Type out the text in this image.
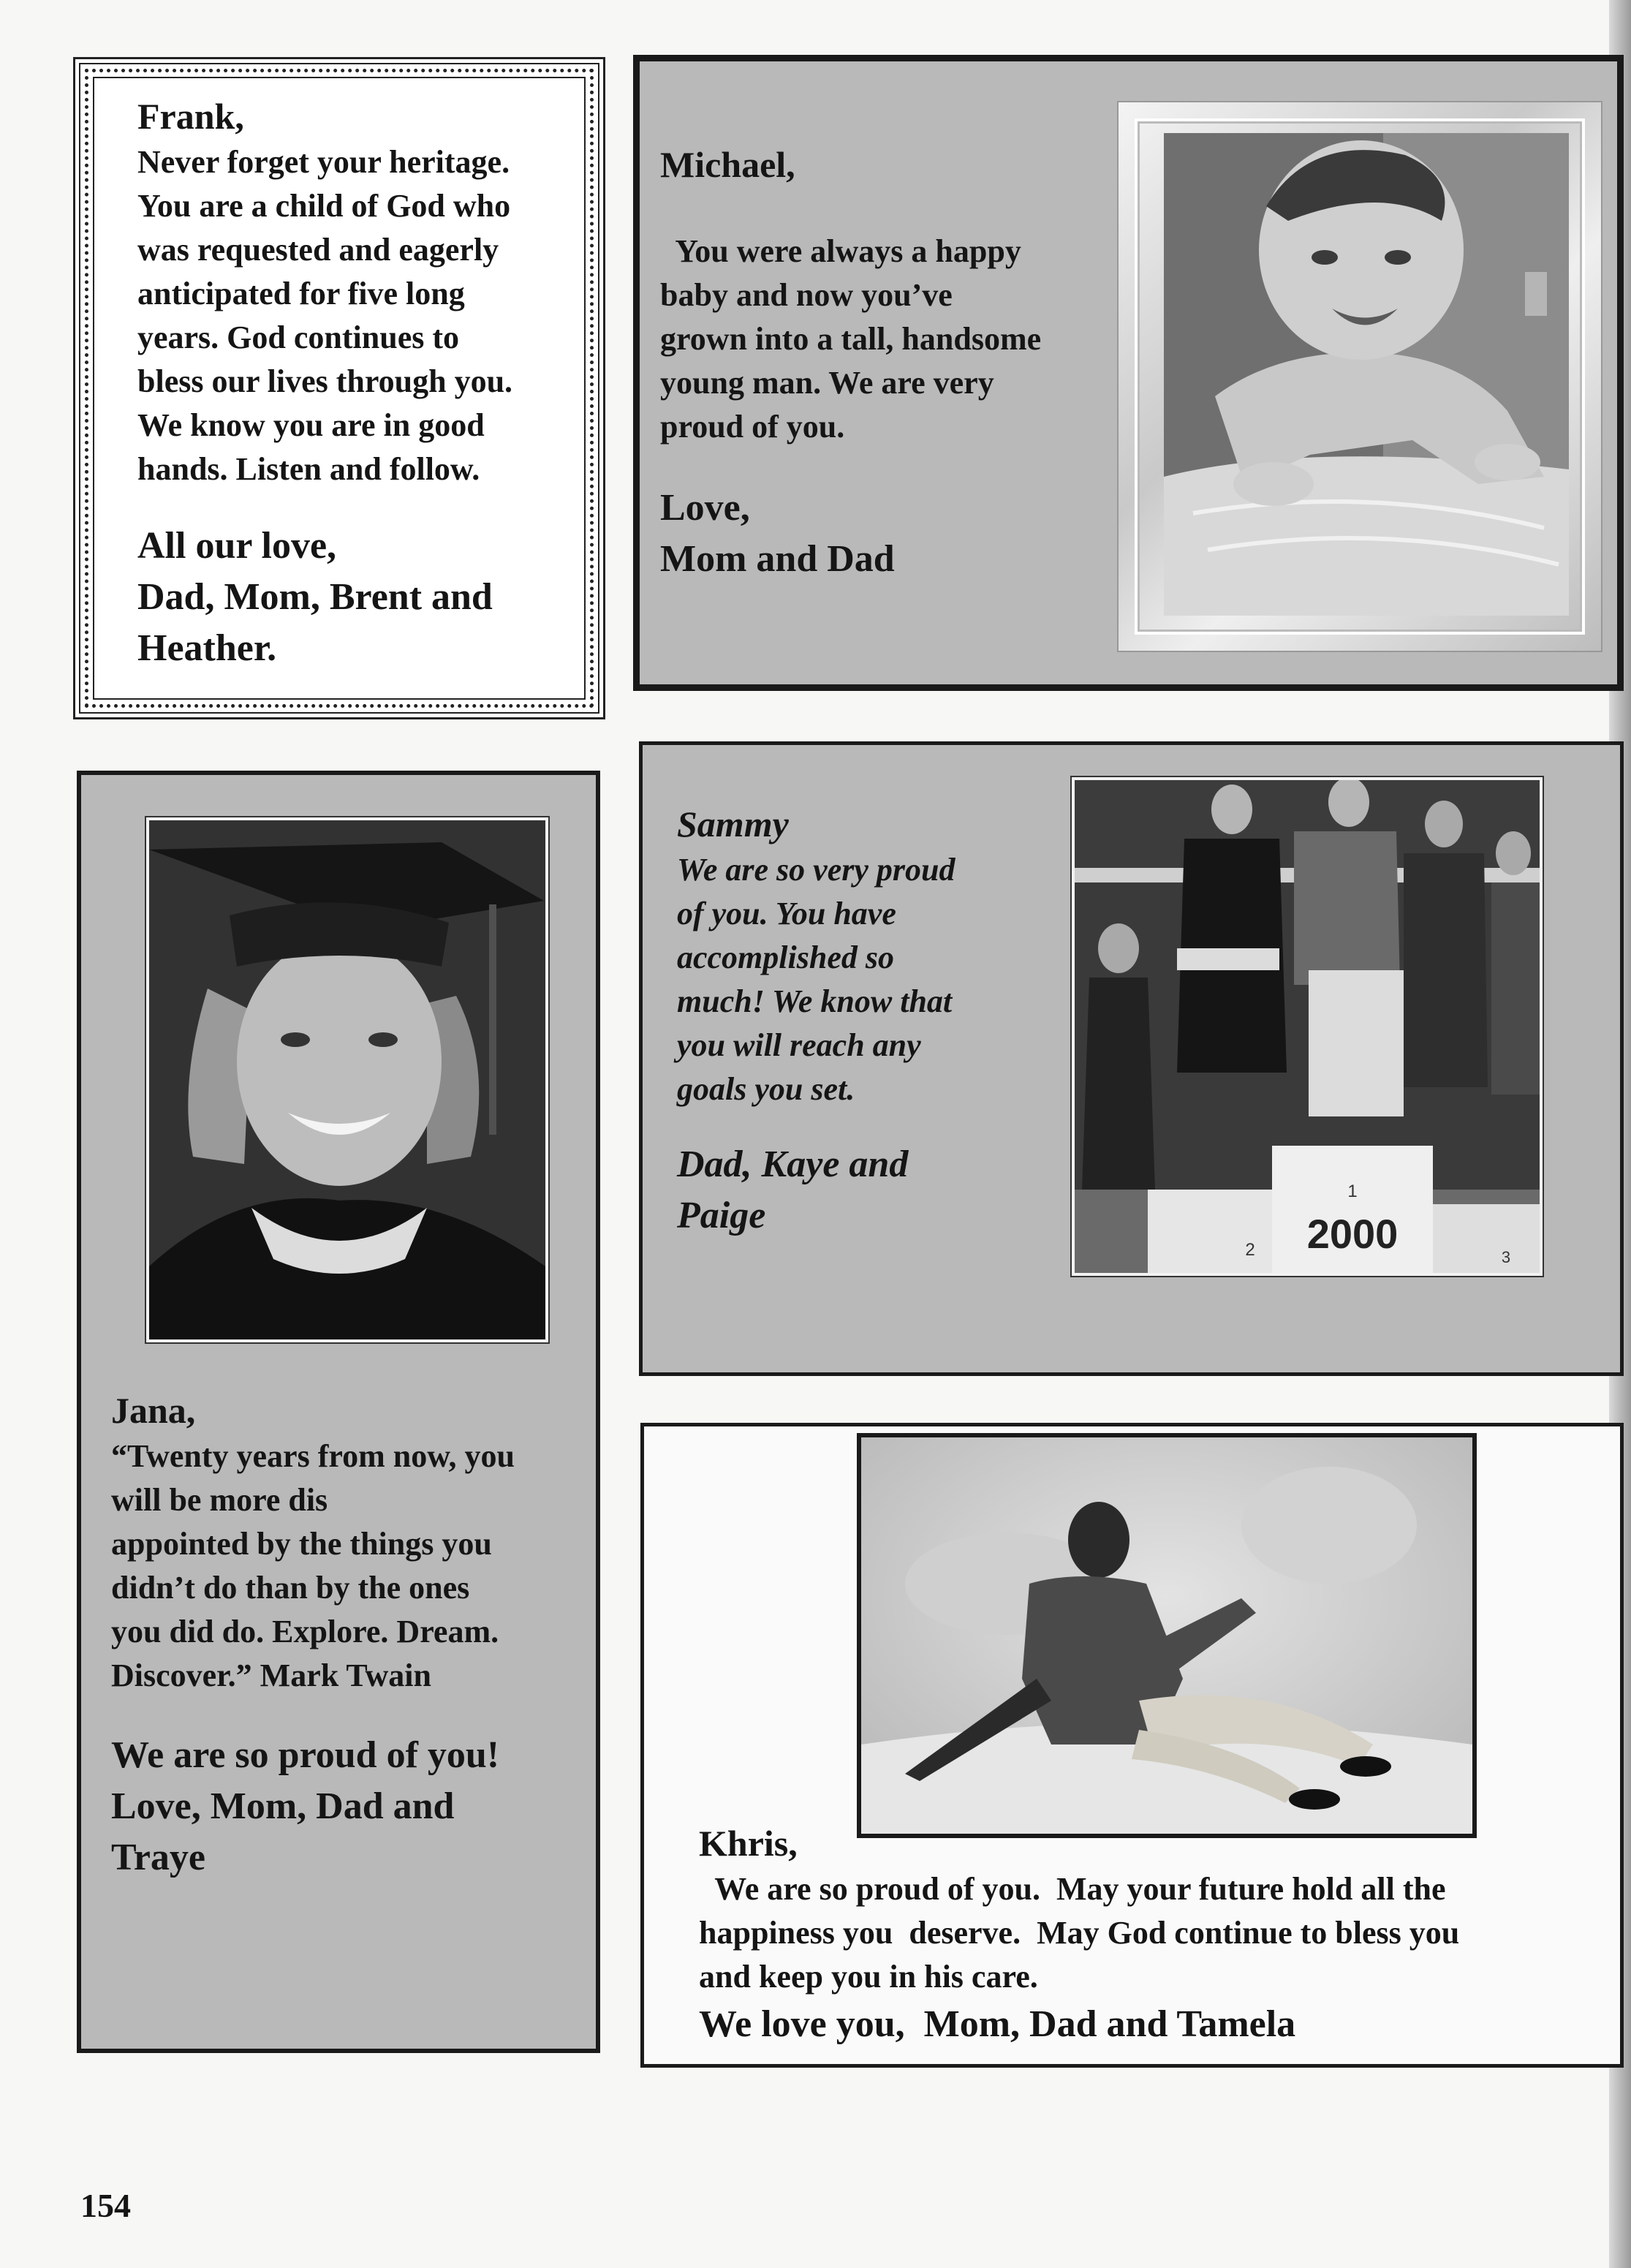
Frank,

Never forget your heritage.

You are a child of God who

was requested and eagerly

anticipated for five long

years. God continues to

bless our lives through you.

We know you are in good

hands. Listen and follow.

All our love,

Dad, Mom, Brent and

Heather.

Michael,

You were always a happy

baby and now you’ve

grown into a tall, handsome

young man. We are very

proud of you.

Love,

Mom and Dad

Jana,

“Twenty years from now, you

will be more dis

appointed by the things you

didn’t do than by the ones

you did do. Explore. Dream.

Discover.” Mark Twain

We are so proud of you!

Love, Mom, Dad and

Traye

Sammy

We are so very proud

of you. You have

accomplished so

much! We know that

you will reach any

goals you set.

Dad, Kaye and

Paige	2000
1
2	3

Khris,

We are so proud of you.  May your future hold all the

happiness you  deserve.  May God continue to bless you

and keep you in his care.

We love you,  Mom, Dad and Tamela

154
